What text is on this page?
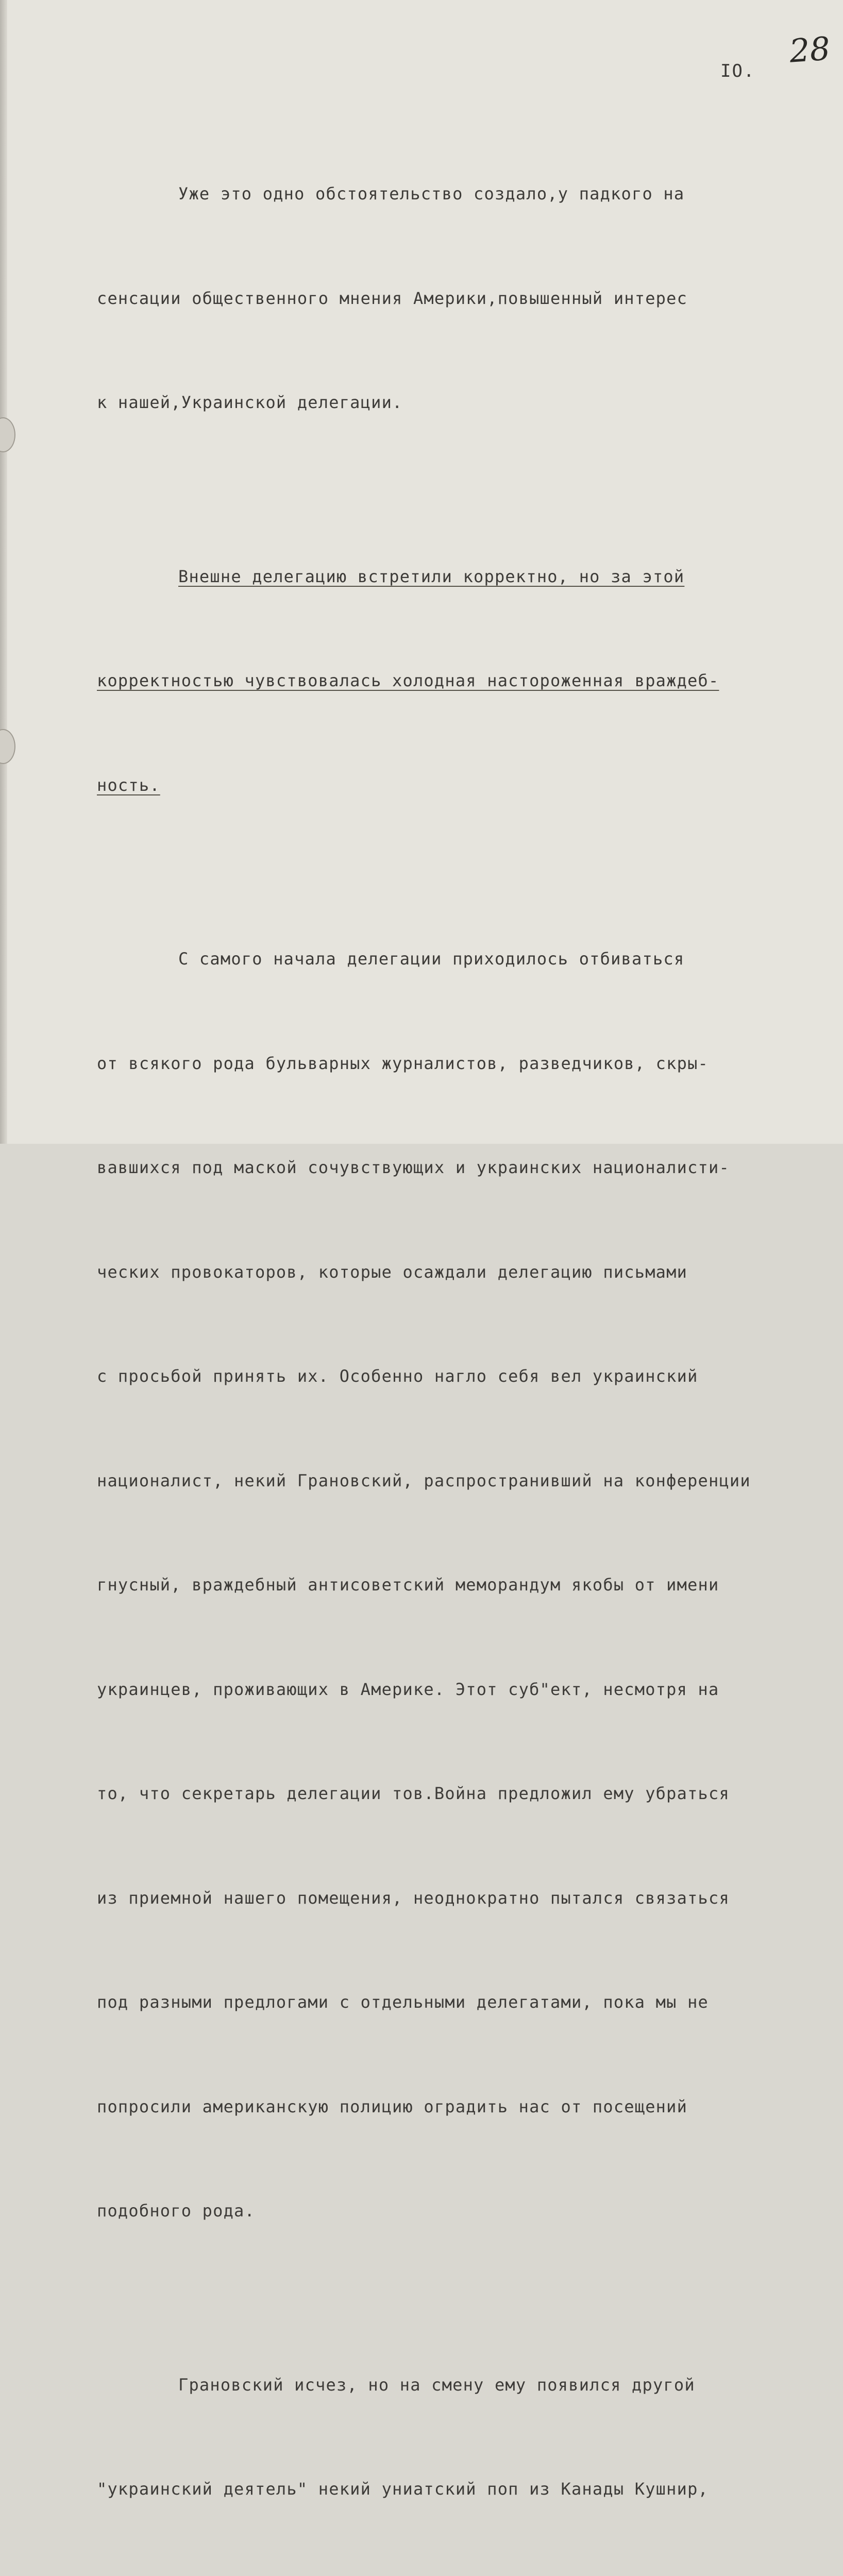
IO.
28

Уже это одно обстоятельство создало,у падкого на

сенсации общественного мнения Америки,повышенный интерес

к нашей,Украинской делегации.

Внешне делегацию встретили корректно, но за этой

корректностью чувствовалась холодная настороженная враждеб-

ность.

С самого начала делегации приходилось отбиваться

от всякого рода бульварных журналистов, разведчиков, скры-

вавшихся под маской сочувствующих и украинских националисти-

ческих провокаторов, которые осаждали делегацию письмами

с просьбой принять их. Особенно нагло себя вел украинский

националист, некий Грановский, распространивший на конференции

гнусный, враждебный антисоветский меморандум якобы от имени

украинцев, проживающих в Америке. Этот суб"ект, несмотря на

то, что секретарь делегации тов.Война предложил ему убраться

из приемной нашего помещения, неоднократно пытался связаться

под разными предлогами с отдельными делегатами, пока мы не

попросили американскую полицию оградить нас от посещений

подобного рода.

Грановский исчез, но на смену ему появился другой

"украинский деятель" некий униатский поп из Канады Кушнир,
